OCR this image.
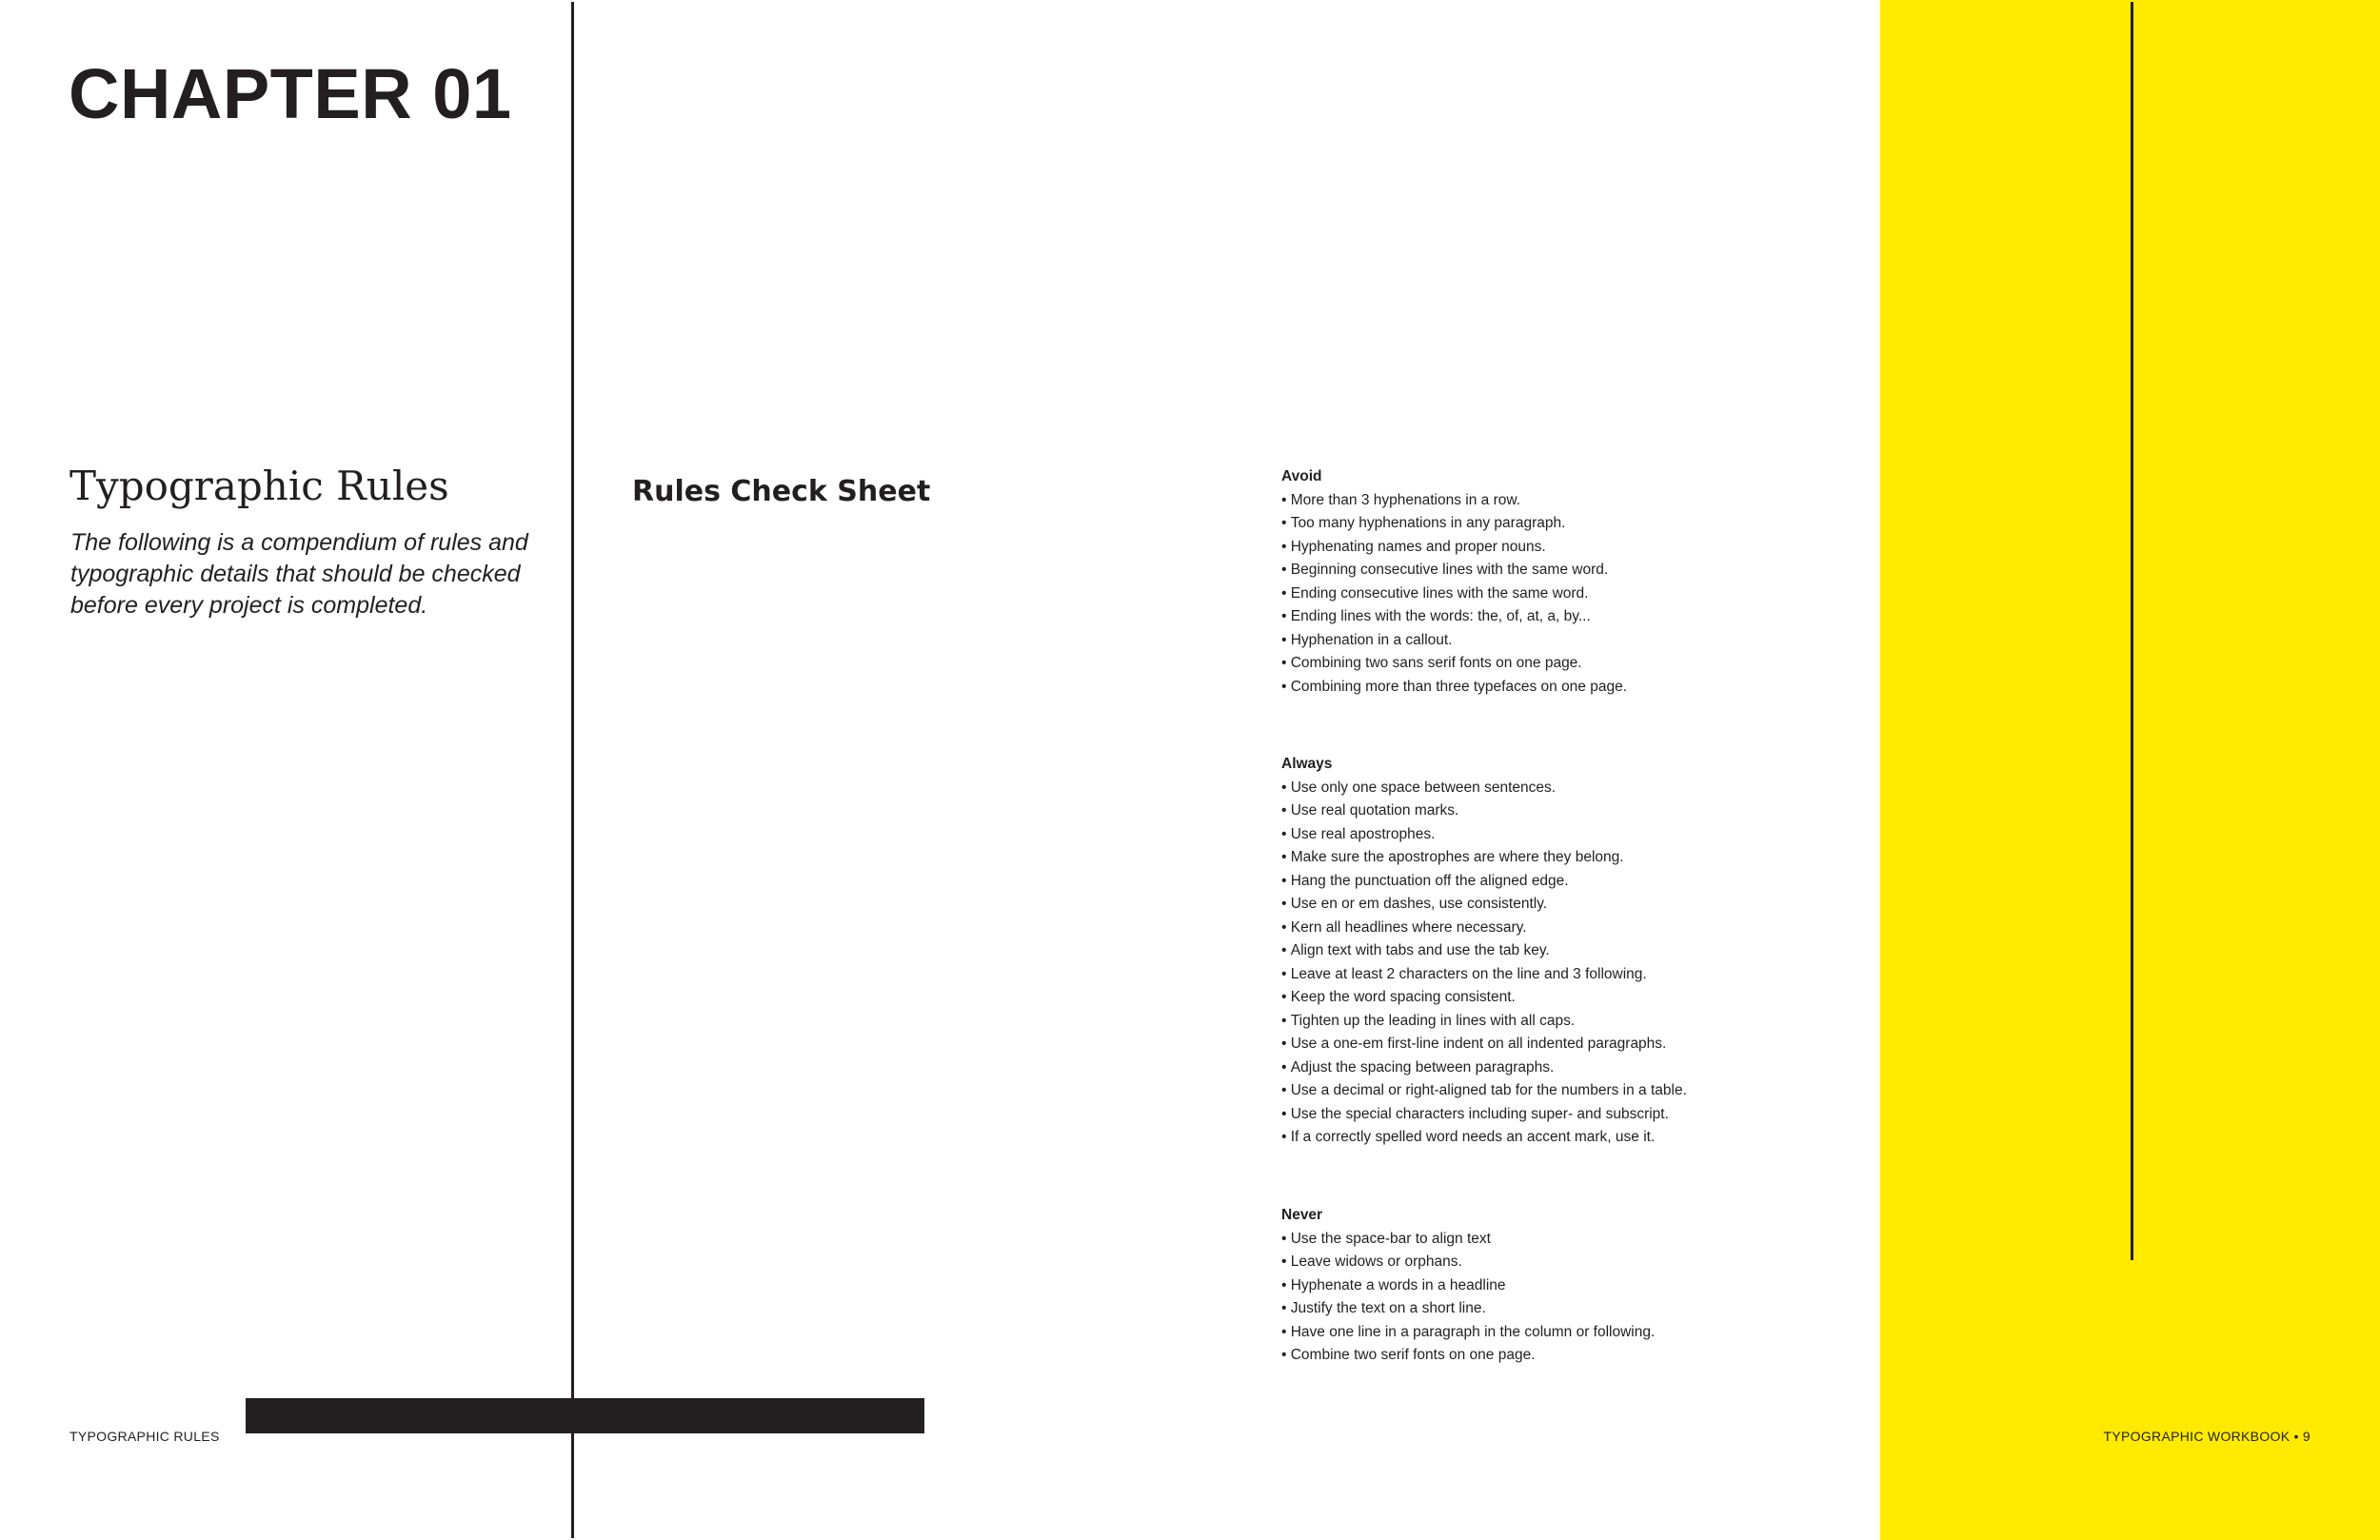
CHAPTER 01
Typographic Rules

The following is a compendium of rules and typographic details that should be checked before every project is completed.

Rules Check Sheet	Avoid

• More than 3 hyphenations in a row.
• Too many hyphenations in any paragraph.
• Hyphenating names and proper nouns.
• Beginning consecutive lines with the same word.
• Ending consecutive lines with the same word.
• Ending lines with the words: the, of, at, a, by...
• Hyphenation in a callout.
• Combining two sans serif fonts on one page.
• Combining more than three typefaces on one page.

Always

• Use only one space between sentences.
• Use real quotation marks.
• Use real apostrophes.
• Make sure the apostrophes are where they belong.
• Hang the punctuation off the aligned edge.
• Use en or em dashes, use consistently.
• Kern all headlines where necessary.
• Align text with tabs and use the tab key.
• Leave at least 2 characters on the line and 3 following.
• Keep the word spacing consistent.
• Tighten up the leading in lines with all caps.
• Use a one-em first-line indent on all indented paragraphs.
• Adjust the spacing between paragraphs.
• Use a decimal or right-aligned tab for the numbers in a table.
• Use the special characters including super- and subscript.
• If a correctly spelled word needs an accent mark, use it.

Never

• Use the space-bar to align text
• Leave widows or orphans.
• Hyphenate a words in a headline
• Justify the text on a short line.
• Have one line in a paragraph in the column or following.
• Combine two serif fonts on one page.

TYPOGRAPHIC RULES	TYPOGRAPHIC WORKBOOK • 9
